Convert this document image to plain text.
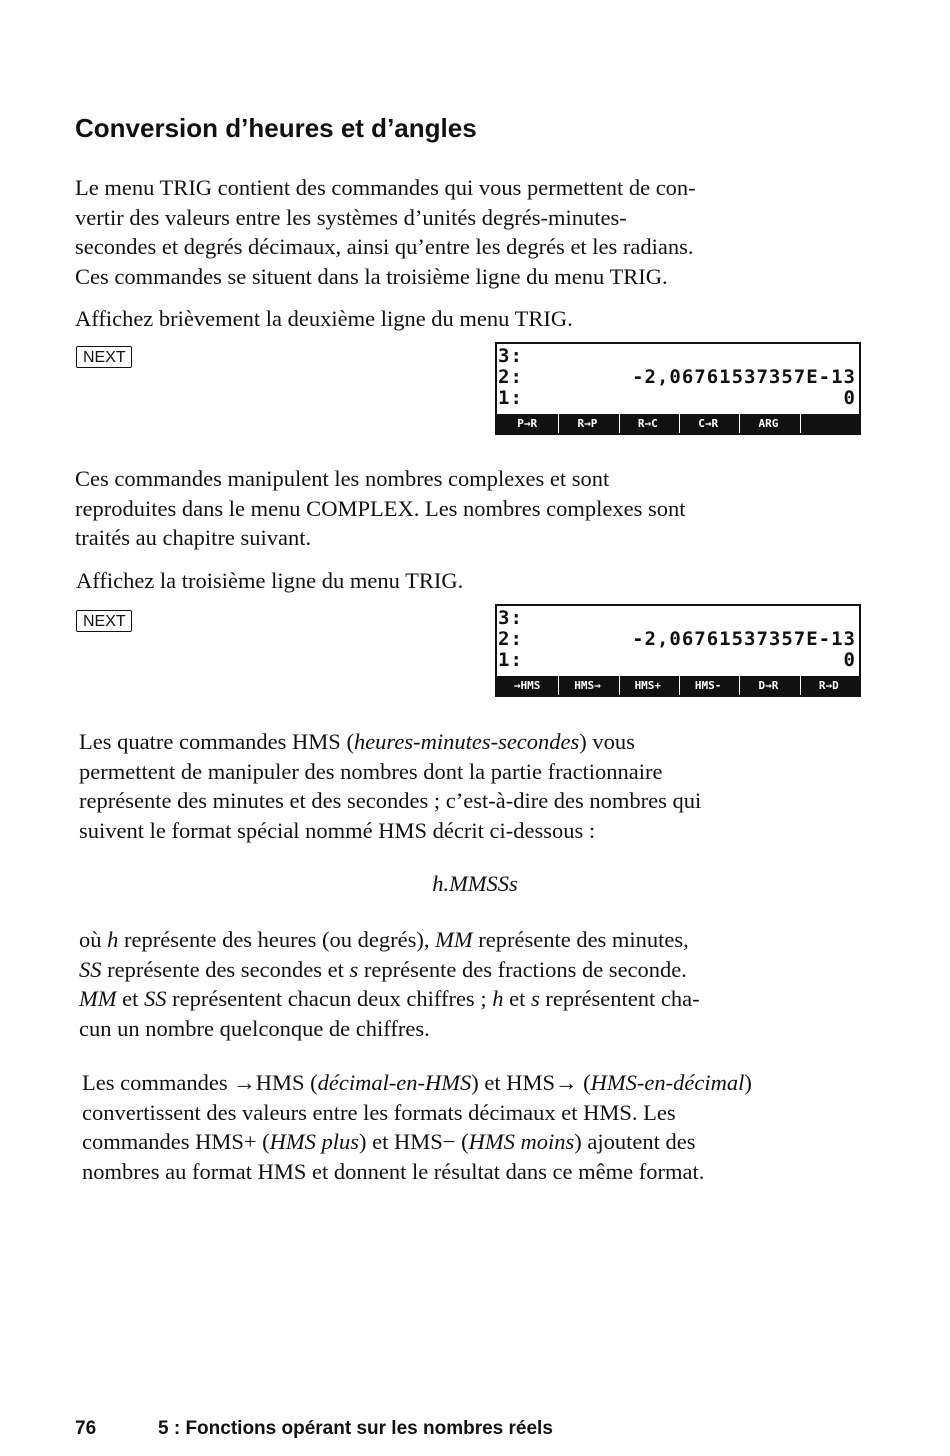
Conversion d’heures et d’angles

Le menu TRIG contient des commandes qui vous permettent de con-

vertir des valeurs entre les systèmes d’unités degrés-minutes-

secondes et degrés décimaux, ainsi qu’entre les degrés et les radians.

Ces commandes se situent dans la troisième ligne du menu TRIG.

Affichez brièvement la deuxième ligne du menu TRIG.

NEXT	3:
2:	-2,06761537357E-13
1:	0
P→R	R→P	R→C	C→R	ARG

Ces commandes manipulent les nombres complexes et sont

reproduites dans le menu COMPLEX. Les nombres complexes sont

traités au chapitre suivant.

Affichez la troisième ligne du menu TRIG.

NEXT	3:
2:	-2,06761537357E-13
1:	0
→HMS	HMS→	HMS+	HMS-	D→R	R→D

Les quatre commandes HMS (heures-minutes-secondes) vous

permettent de manipuler des nombres dont la partie fractionnaire

représente des minutes et des secondes ; c’est-à-dire des nombres qui

suivent le format spécial nommé HMS décrit ci-dessous :

h.MMSSs

où h représente des heures (ou degrés), MM représente des minutes,

SS représente des secondes et s représente des fractions de seconde.

MM et SS représentent chacun deux chiffres ; h et s représentent cha-

cun un nombre quelconque de chiffres.

Les commandes →HMS (décimal-en-HMS) et HMS→ (HMS-en-décimal)

convertissent des valeurs entre les formats décimaux et HMS. Les

commandes HMS+ (HMS plus) et HMS− (HMS moins) ajoutent des

nombres au format HMS et donnent le résultat dans ce même format.

76	5 : Fonctions opérant sur les nombres réels
